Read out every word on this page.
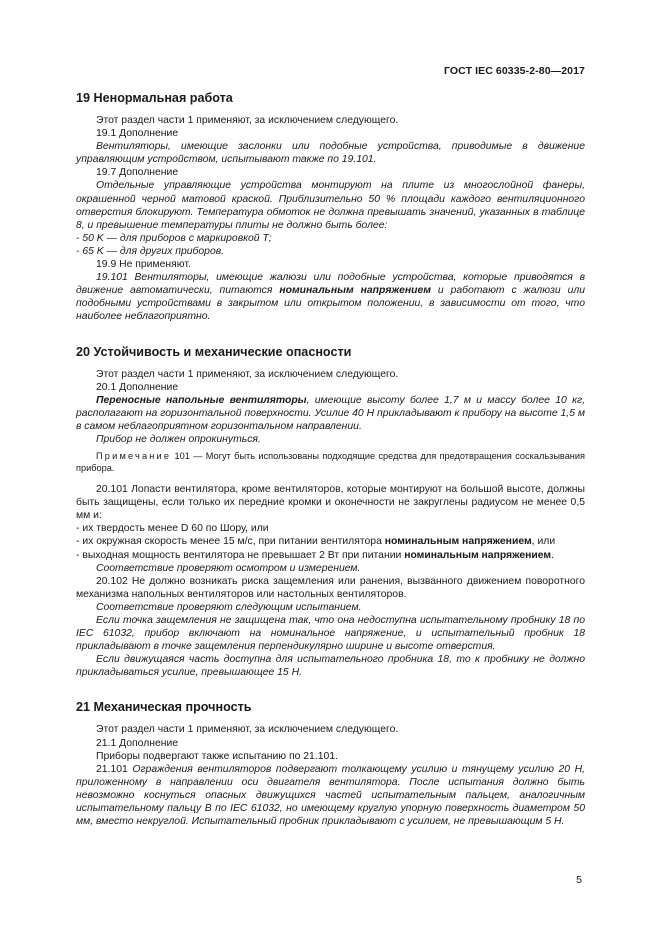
ГОСТ IEC 60335-2-80—2017
19 Ненормальная работа

Этот раздел части 1 применяют, за исключением следующего.

19.1 Дополнение

Вентиляторы, имеющие заслонки или подобные устройства, приводимые в движение управляющим устройством, испытывают также по 19.101.

19.7 Дополнение

Отдельные управляющие устройства монтируют на плите из многослойной фанеры, окрашенной черной матовой краской. Приблизительно 50 % площади каждого вентиляционного отверстия блокируют. Температура обмоток не должна превышать значений, указанных в таблице 8, и превышение температуры плиты не должно быть более:

- 50 K — для приборов с маркировкой Т;

- 65 K — для других приборов.

19.9 Не применяют.

19.101 Вентиляторы, имеющие жалюзи или подобные устройства, которые приводятся в движение автоматически, питаются номинальным напряжением и работают с жалюзи или подобными устройствами в закрытом или открытом положении, в зависимости от того, что наиболее неблагоприятно.

20 Устойчивость и механические опасности

Этот раздел части 1 применяют, за исключением следующего.

20.1 Дополнение

Переносные напольные вентиляторы, имеющие высоту более 1,7 м и массу более 10 кг, располагают на горизонтальной поверхности. Усилие 40 Н прикладывают к прибору на высоте 1,5 м в самом неблагоприятном горизонтальном направлении.

Прибор не должен опрокинуться.

Примечание 101 — Могут быть использованы подходящие средства для предотвращения соскальзывания прибора.

20.101 Лопасти вентилятора, кроме вентиляторов, которые монтируют на большой высоте, должны быть защищены, если только их передние кромки и оконечности не закруглены радиусом не менее 0,5 мм и:

- их твердость менее D 60 по Шору, или

- их окружная скорость менее 15 м/с, при питании вентилятора номинальным напряжением, или

- выходная мощность вентилятора не превышает 2 Вт при питании номинальным напряжением.

Соответствие проверяют осмотром и измерением.

20.102 Не должно возникать риска защемления или ранения, вызванного движением поворотного механизма напольных вентиляторов или настольных вентиляторов.

Соответствие проверяют следующим испытанием.

Если точка защемления не защищена так, что она недоступна испытательному пробнику 18 по IEC 61032, прибор включают на номинальное напряжение, и испытательный пробник 18 прикладывают в точке защемления перпендикулярно ширине и высоте отверстия.

Если движущаяся часть доступна для испытательного пробника 18, то к пробнику не должно прикладываться усилие, превышающее 15 Н.

21 Механическая прочность

Этот раздел части 1 применяют, за исключением следующего.

21.1 Дополнение

Приборы подвергают также испытанию по 21.101.

21.101 Ограждения вентиляторов подвергают толкающему усилию и тянущему усилию 20 Н, приложенному в направлении оси двигателя вентилятора. После испытания должно быть невозможно коснуться опасных движущихся частей испытательным пальцем, аналогичным испытательному пальцу В по IEC 61032, но имеющему круглую упорную поверхность диаметром 50 мм, вместо некруглой. Испытательный пробник прикладывают с усилием, не превышающим 5 Н.

5
